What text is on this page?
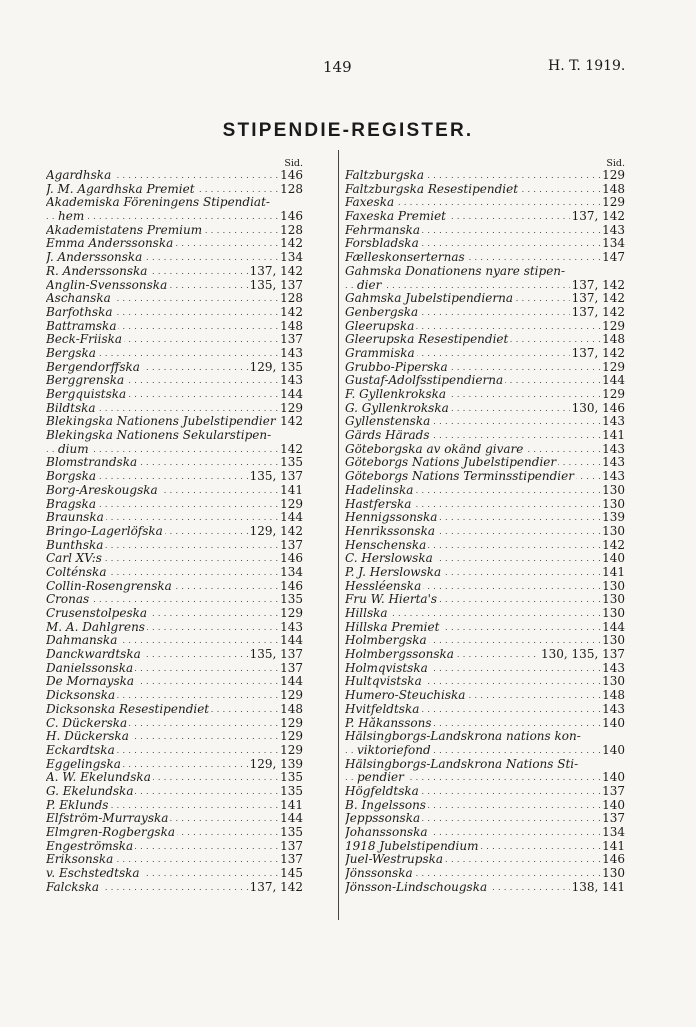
149	H. T. 1919.
STIPENDIE-REGISTER.
Sid.
. . . Agardhska	146
. . . J. M. Agardhska Premiet	128
Akademiska Föreningens Stipendiat-
. . . hem	146
. . . Akademistatens Premium	128
. . . Emma Anderssonska	142
. . . J. Anderssonska	134
. . . R. Anderssonska	137, 142
. . . Anglin-Svenssonska	135, 137
. . . Aschanska	128
. . . Barfothska	142
. . . Battramska	148
. . . Beck-Friiska	137
. . . Bergska	143
. . . Bergendorffska	129, 135
. . . Berggrenska	143
. . . Bergquistska	144
. . . Bildtska	129
. . . Blekingska Nationens Jubelstipendier 142
Blekingska Nationens Sekularstipen-
. . . dium	142
. . . Blomstrandska	135
. . . Borgska	135, 137
. . . Borg-Areskougska	141
. . . Bragska	129
. . . Braunska	144
. . . Bringo-Lagerlöfska	129, 142
. . . Bunthska	137
. . . Carl XV:s	146
. . . Colténska	134
. . . Collin-Rosengrenska	146
. . . Cronas	135
. . . Crusenstolpeska	129
. . . M. A. Dahlgrens	143
. . . Dahmanska	144
. . . Danckwardtska	135, 137
. . . Danielssonska	137
. . . De Mornayska	144
. . . Dicksonska	129
. . . Dicksonska Resestipendiet	148
. . . C. Dückerska	129
. . . H. Dückerska	129
. . . Eckardtska	129
. . . Eggelingska	129, 139
. . . A. W. Ekelundska	135
. . . G. Ekelundska	135
. . . P. Eklunds	141
. . . Elfström-Murrayska	144
. . . Elmgren-Rogbergska	135
. . . Engeströmska	137
. . . Eriksonska	137
. . . v. Eschstedtska	145
. . . Falckska	137, 142
Sid.
. . . Faltzburgska	129
. . . Faltzburgska Resestipendiet	148
. . . Faxeska	129
. . . Faxeska Premiet	137, 142
. . . Fehrmanska	143
. . . Forsbladska	134
. . . Fælleskonserternas	147
Gahmska Donationens nyare stipen-
. . . dier	137, 142
. . . Gahmska Jubelstipendierna	137, 142
. . . Genbergska	137, 142
. . . Gleerupska	129
. . . Gleerupska Resestipendiet	148
. . . Grammiska	137, 142
. . . Grubbo-Piperska	129
. . . Gustaf-Adolfsstipendierna	144
. . . F. Gyllenkrokska	129
. . . G. Gyllenkrokska	130, 146
. . . Gyllenstenska	143
. . . Gärds Härads	141
. . . Göteborgska av okänd givare	143
. . . Göteborgs Nations Jubelstipendier	143
. . . Göteborgs Nations Terminsstipendier 143
. . . Hadelinska	130
. . . Hastferska	130
. . . Hennigssonska	139
. . . Henrikssonska	130
. . . Henschenska	142
. . . C. Herslowska	140
. . . P. J. Herslowska	141
. . . Hessléenska	130
. . . Fru W. Hierta's	130
. . . Hillska	130
. . . Hillska Premiet	144
. . . Holmbergska	130
. . . Holmbergssonska	130, 135, 137
. . . Holmqvistska	143
. . . Hultqvistska	130
. . . Humero-Steuchiska	148
. . . Hvitfeldtska	143
. . . P. Håkanssons	140
Hälsingborgs-Landskrona nations kon-
. . . viktoriefond	140
Hälsingborgs-Landskrona Nations Sti-
. . . pendier	140
. . . Högfeldtska	137
. . . B. Ingelssons	140
. . . Jeppssonska	137
. . . Johanssonska	134
. . . 1918 Jubelstipendium	141
. . . Juel-Westrupska	146
. . . Jönssonska	130
. . . Jönsson-Lindschougska	138, 141
